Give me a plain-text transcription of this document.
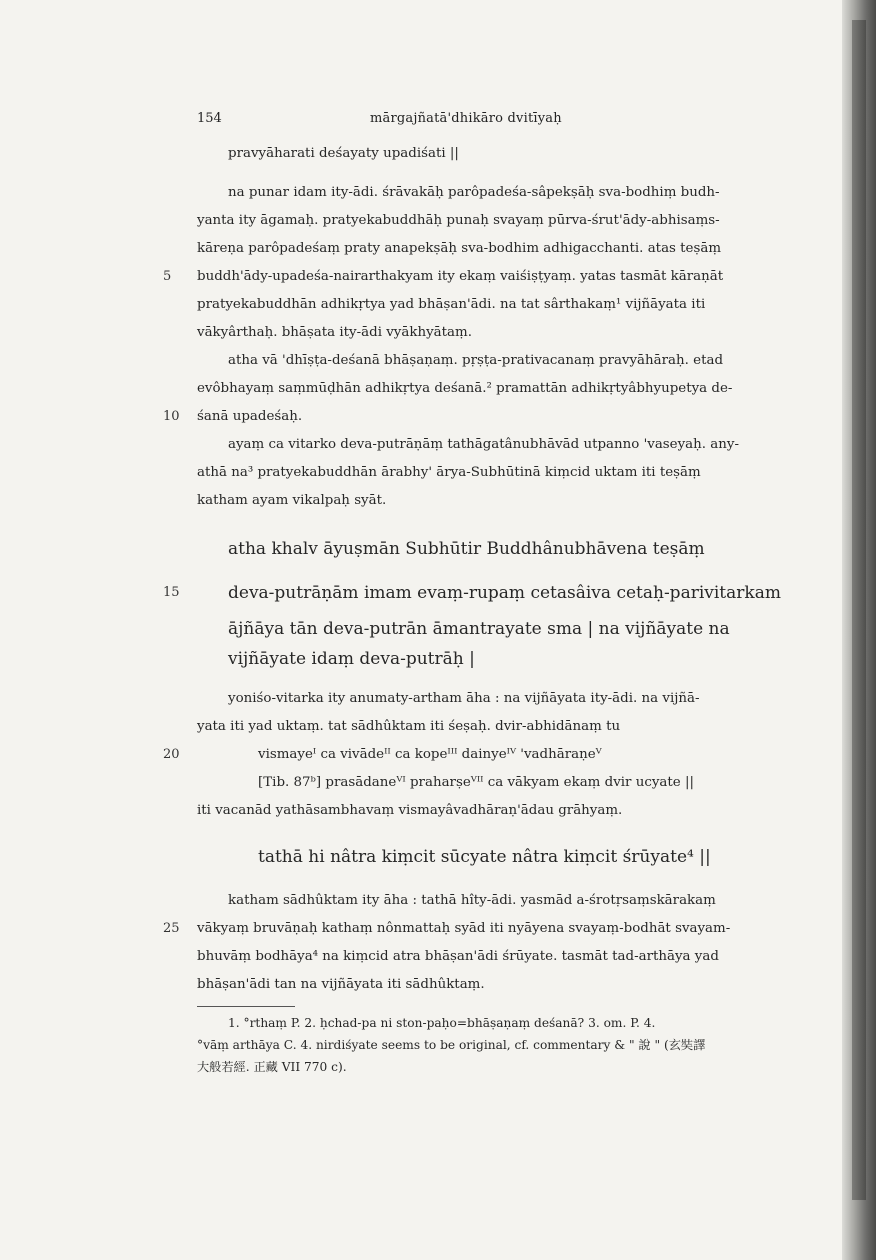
154	mārgajñatā'dhikāro dvitīyaḥ
pravyāharati deśayaty upadiśati ||
na punar idam ity-ādi. śrāvakāḥ parôpadeśa-sâpekṣāḥ sva-bodhiṃ budh-
yanta ity āgamaḥ. pratyekabuddhāḥ punaḥ svayaṃ pūrva-śrut'ādy-abhisaṃs-
kāreṇa parôpadeśaṃ praty anapekṣāḥ sva-bodhim adhigacchanti. atas teṣāṃ
5 buddh'ādy-upadeśa-nairarthakyam ity ekaṃ vaiśiṣṭyaṃ. yatas tasmāt kāraṇāt
pratyekabuddhān adhikṛtya yad bhāṣan'ādi. na tat sârthakaṃ¹ vijñāyata iti
vākyârthaḥ. bhāṣata ity-ādi vyākhyātaṃ.
atha vā 'dhīṣṭa-deśanā bhāṣaṇaṃ. pṛṣṭa-prativacanaṃ pravyāhāraḥ. etad
evôbhayaṃ saṃmūḍhān adhikṛtya deśanā.² pramattān adhikṛtyâbhyupetya de-
10 śanā upadeśaḥ.
ayaṃ ca vitarko deva-putrāṇāṃ tathāgatânubhāvād utpanno 'vaseyaḥ. any-
athā na³ pratyekabuddhān ārabhy' ārya-Subhūtinā kiṃcid uktam iti teṣāṃ
katham ayam vikalpaḥ syāt.
atha khalv āyuṣmān Subhūtir Buddhânubhāvena teṣāṃ
15	deva-putrāṇām imam evaṃ-rupaṃ cetasâiva cetaḥ-parivitarkam
ājñāya tān deva-putrān āmantrayate sma | na vijñāyate na
vijñāyate idaṃ deva-putrāḥ |
yoniśo-vitarka ity anumaty-artham āha : na vijñāyata ity-ādi. na vijñā-
yata iti yad uktaṃ. tat sādhûktam iti śeṣaḥ. dvir-abhidānaṃ tu
20	vismayeᴵ ca vivādeᴵᴵ ca kopeᴵᴵᴵ dainyeᴵⱽ 'vadhāraṇeⱽ
[Tib. 87ᵇ] prasādaneⱽᴵ praharṣeⱽᴵᴵ ca vākyam ekaṃ dvir ucyate ||
iti vacanād yathāsambhavaṃ vismayâvadhāraṇ'ādau grāhyaṃ.
tathā hi nâtra kiṃcit sūcyate nâtra kiṃcit śrūyate⁴ ||
katham sādhûktam ity āha : tathā hîty-ādi. yasmād a-śrotṛsaṃskārakaṃ
25 vākyaṃ bruvāṇaḥ kathaṃ nônmattaḥ syād iti nyāyena svayaṃ-bodhāt svayam-
bhuvāṃ bodhāya⁴ na kiṃcid atra bhāṣan'ādi śrūyate. tasmāt tad-arthāya yad
bhāṣan'ādi tan na vijñāyata iti sādhûktaṃ.
1. °rthaṃ P. 2. ḥchad-pa ni ston-paḥo=bhāṣaṇaṃ deśanā? 3. om. P. 4.
°vāṃ arthāya C. 4. nirdiśyate seems to be original, cf. commentary & " 說 " (玄奘譯
大般若經. 正藏 VII 770 c).
